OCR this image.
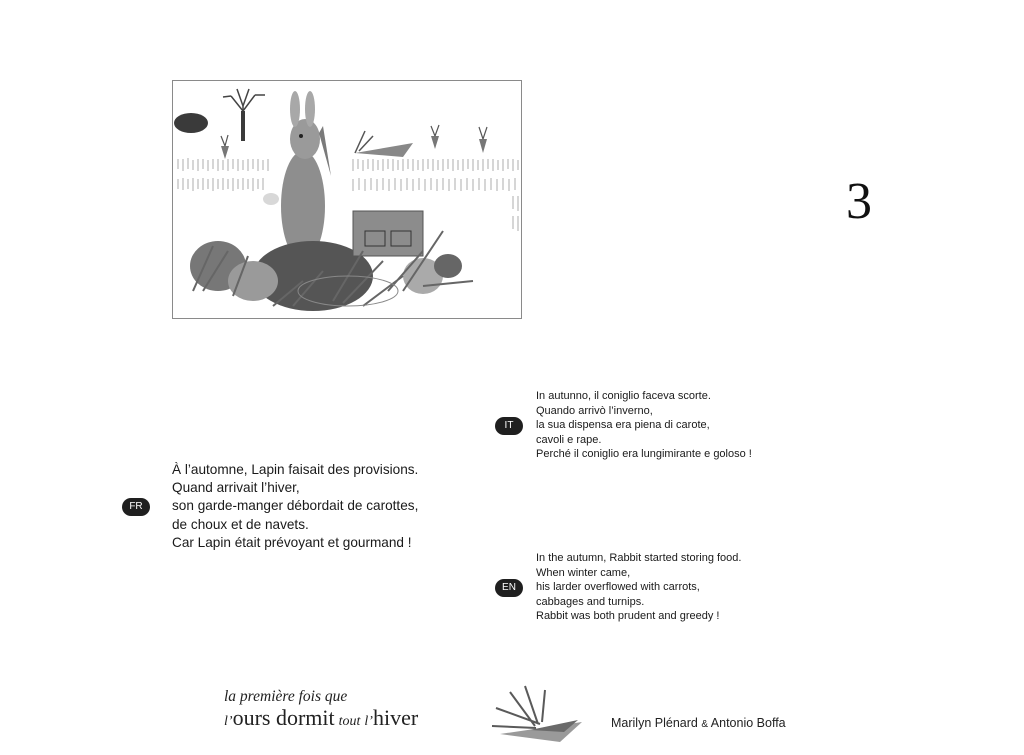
3
FR
À l’automne, Lapin faisait des provisions.
Quand arrivait l’hiver,
son garde-manger débordait de carottes,
de choux et de navets.
Car Lapin était prévoyant et gourmand !
IT
In autunno, il coniglio faceva scorte.
Quando arrivò l’inverno,
la sua dispensa era piena di carote,
cavoli e rape.
Perché il coniglio era lungimirante e goloso !
EN
In the autumn, Rabbit started storing food.
When winter came,
his larder overflowed with carrots,
cabbages and turnips.
Rabbit was both prudent and greedy !
la première fois que
l’ours dormit tout l’hiver	Marilyn Plénard & Antonio Boffa
